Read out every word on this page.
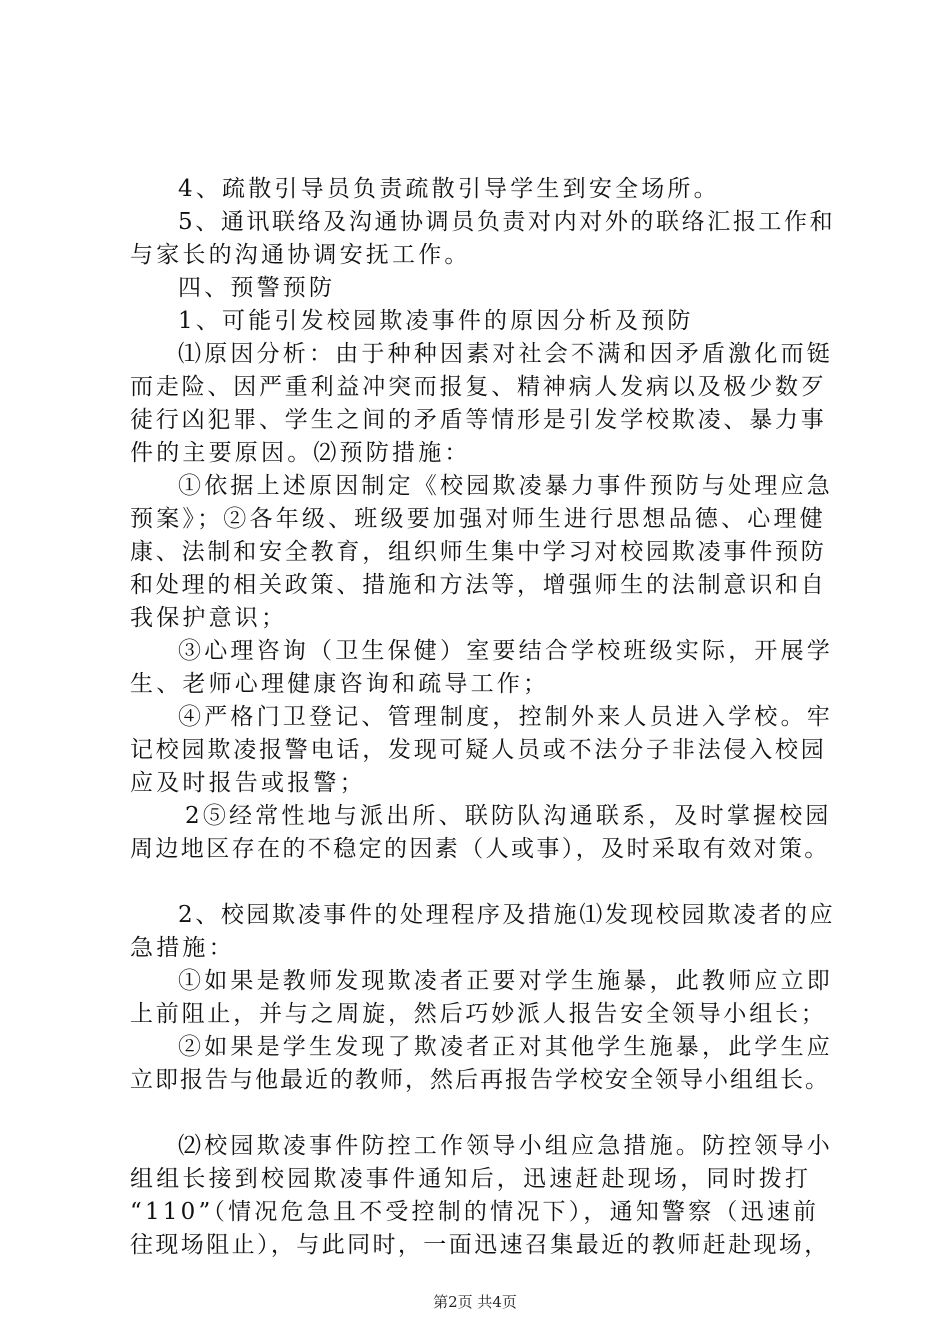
4、疏散引导员负责疏散引导学生到安全场所。
5、通讯联络及沟通协调员负责对内对外的联络汇报工作和
与家长的沟通协调安抚工作。
四、预警预防
1、可能引发校园欺凌事件的原因分析及预防
⑴原因分析：由于种种因素对社会不满和因矛盾激化而铤
而走险、因严重利益冲突而报复、精神病人发病以及极少数歹
徒行凶犯罪、学生之间的矛盾等情形是引发学校欺凌、暴力事
件的主要原因。⑵预防措施：
①依据上述原因制定《校园欺凌暴力事件预防与处理应急
预案》；②各年级、班级要加强对师生进行思想品德、心理健
康、法制和安全教育，组织师生集中学习对校园欺凌事件预防
和处理的相关政策、措施和方法等，增强师生的法制意识和自
我保护意识；
③心理咨询（卫生保健）室要结合学校班级实际，开展学
生、老师心理健康咨询和疏导工作；
④严格门卫登记、管理制度，控制外来人员进入学校。牢
记校园欺凌报警电话，发现可疑人员或不法分子非法侵入校园
应及时报告或报警；
2⑤经常性地与派出所、联防队沟通联系，及时掌握校园
周边地区存在的不稳定的因素（人或事），及时采取有效对策。
2、校园欺凌事件的处理程序及措施⑴发现校园欺凌者的应
急措施：
①如果是教师发现欺凌者正要对学生施暴，此教师应立即
上前阻止，并与之周旋，然后巧妙派人报告安全领导小组长；
②如果是学生发现了欺凌者正对其他学生施暴，此学生应
立即报告与他最近的教师，然后再报告学校安全领导小组组长。
⑵校园欺凌事件防控工作领导小组应急措施。防控领导小
组组长接到校园欺凌事件通知后，迅速赶赴现场，同时拨打
“110”（情况危急且不受控制的情况下），通知警察（迅速前
往现场阻止），与此同时，一面迅速召集最近的教师赶赴现场，
第2页 共4页
